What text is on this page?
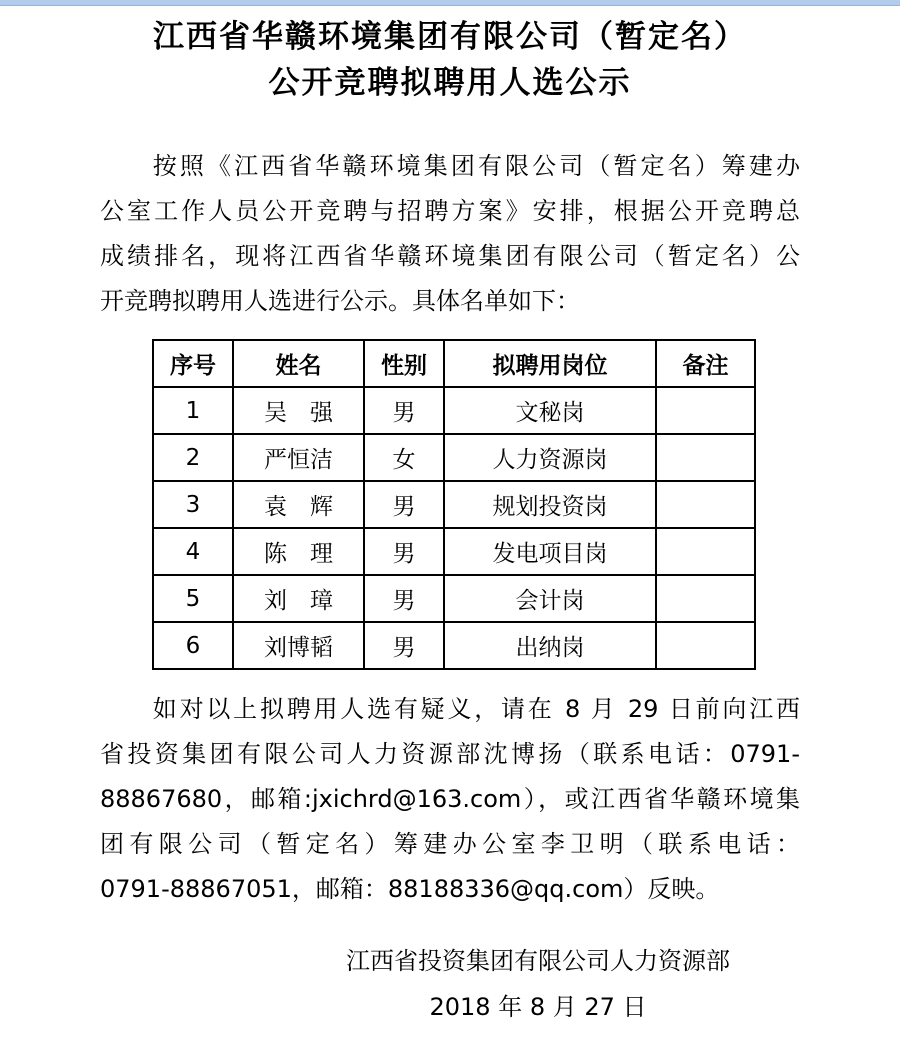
江西省华赣环境集团有限公司（暂定名）
公开竞聘拟聘用人选公示
按照《江西省华赣环境集团有限公司（暂定名）筹建办
公室工作人员公开竞聘与招聘方案》安排，根据公开竞聘总
成绩排名，现将江西省华赣环境集团有限公司（暂定名）公
开竞聘拟聘用人选进行公示。具体名单如下：
序号	姓名	性别	拟聘用岗位	备注
1	吴　强	男	文秘岗	
2	严恒洁	女	人力资源岗	
3	袁　辉	男	规划投资岗	
4	陈　理	男	发电项目岗	
5	刘　璋	男	会计岗	
6	刘博韬	男	出纳岗	
如对以上拟聘用人选有疑义，请在 8 月 29 日前向江西
省投资集团有限公司人力资源部沈博扬（联系电话：0791-
88867680，邮箱:jxichrd@163.com），或江西省华赣环境集
团有限公司（暂定名）筹建办公室李卫明（联系电话：
0791-88867051，邮箱：88188336@qq.com）反映。
江西省投资集团有限公司人力资源部
2018 年 8 月 27 日
